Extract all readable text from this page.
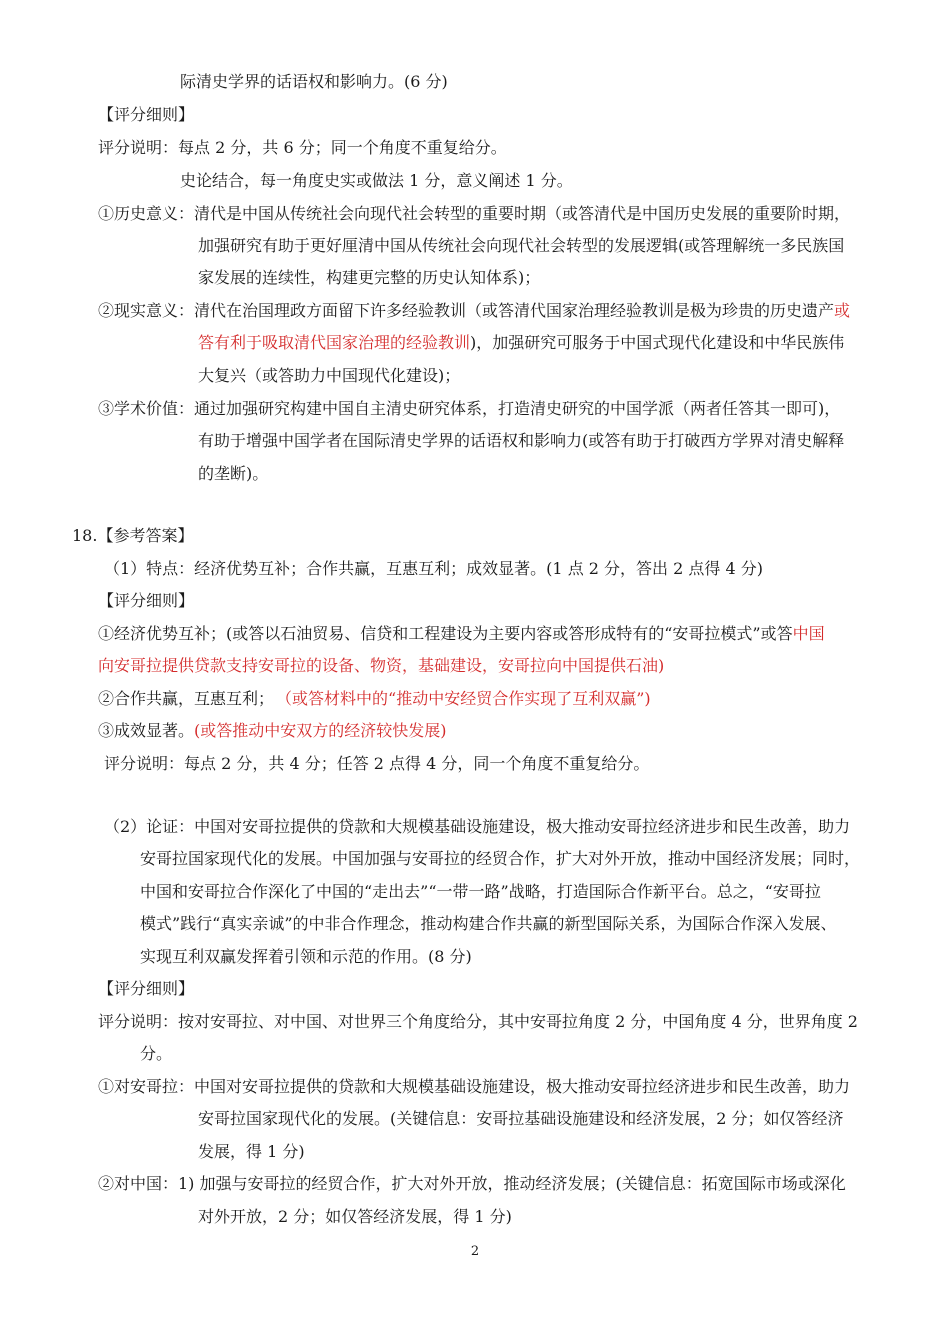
际清史学界的话语权和影响力。(6 分)
【评分细则】
评分说明：每点 2 分，共 6 分；同一个角度不重复给分。
史论结合，每一角度史实或做法 1 分，意义阐述 1 分。
①历史意义：清代是中国从传统社会向现代社会转型的重要时期（或答清代是中国历史发展的重要阶时期，
加强研究有助于更好厘清中国从传统社会向现代社会转型的发展逻辑(或答理解统一多民族国
家发展的连续性，构建更完整的历史认知体系)；
②现实意义：清代在治国理政方面留下许多经验教训（或答清代国家治理经验教训是极为珍贵的历史遗产或
答有利于吸取清代国家治理的经验教训)，加强研究可服务于中国式现代化建设和中华民族伟
大复兴（或答助力中国现代化建设)；
③学术价值：通过加强研究构建中国自主清史研究体系，打造清史研究的中国学派（两者任答其一即可)，
有助于增强中国学者在国际清史学界的话语权和影响力(或答有助于打破西方学界对清史解释
的垄断)。
18.【参考答案】
（1）特点：经济优势互补；合作共赢，互惠互利；成效显著。(1 点 2 分，答出 2 点得 4 分)
【评分细则】
①经济优势互补；(或答以石油贸易、信贷和工程建设为主要内容或答形成特有的“安哥拉模式”或答中国
向安哥拉提供贷款支持安哥拉的设备、物资，基础建设，安哥拉向中国提供石油)
②合作共赢，互惠互利； （或答材料中的“推动中安经贸合作实现了互利双赢”)
③成效显著。(或答推动中安双方的经济较快发展)
评分说明：每点 2 分，共 4 分；任答 2 点得 4 分，同一个角度不重复给分。
（2）论证：中国对安哥拉提供的贷款和大规模基础设施建设，极大推动安哥拉经济进步和民生改善，助力
安哥拉国家现代化的发展。中国加强与安哥拉的经贸合作，扩大对外开放，推动中国经济发展；同时，
中国和安哥拉合作深化了中国的“走出去”“一带一路”战略，打造国际合作新平台。总之，“安哥拉
模式”践行“真实亲诚”的中非合作理念，推动构建合作共赢的新型国际关系，为国际合作深入发展、
实现互利双赢发挥着引领和示范的作用。(8 分)
【评分细则】
评分说明：按对安哥拉、对中国、对世界三个角度给分，其中安哥拉角度 2 分，中国角度 4 分，世界角度 2
分。
①对安哥拉：中国对安哥拉提供的贷款和大规模基础设施建设，极大推动安哥拉经济进步和民生改善，助力
安哥拉国家现代化的发展。(关键信息：安哥拉基础设施建设和经济发展，2 分；如仅答经济
发展，得 1 分)
②对中国：1) 加强与安哥拉的经贸合作，扩大对外开放，推动经济发展；(关键信息：拓宽国际市场或深化
对外开放，2 分；如仅答经济发展，得 1 分)
2
